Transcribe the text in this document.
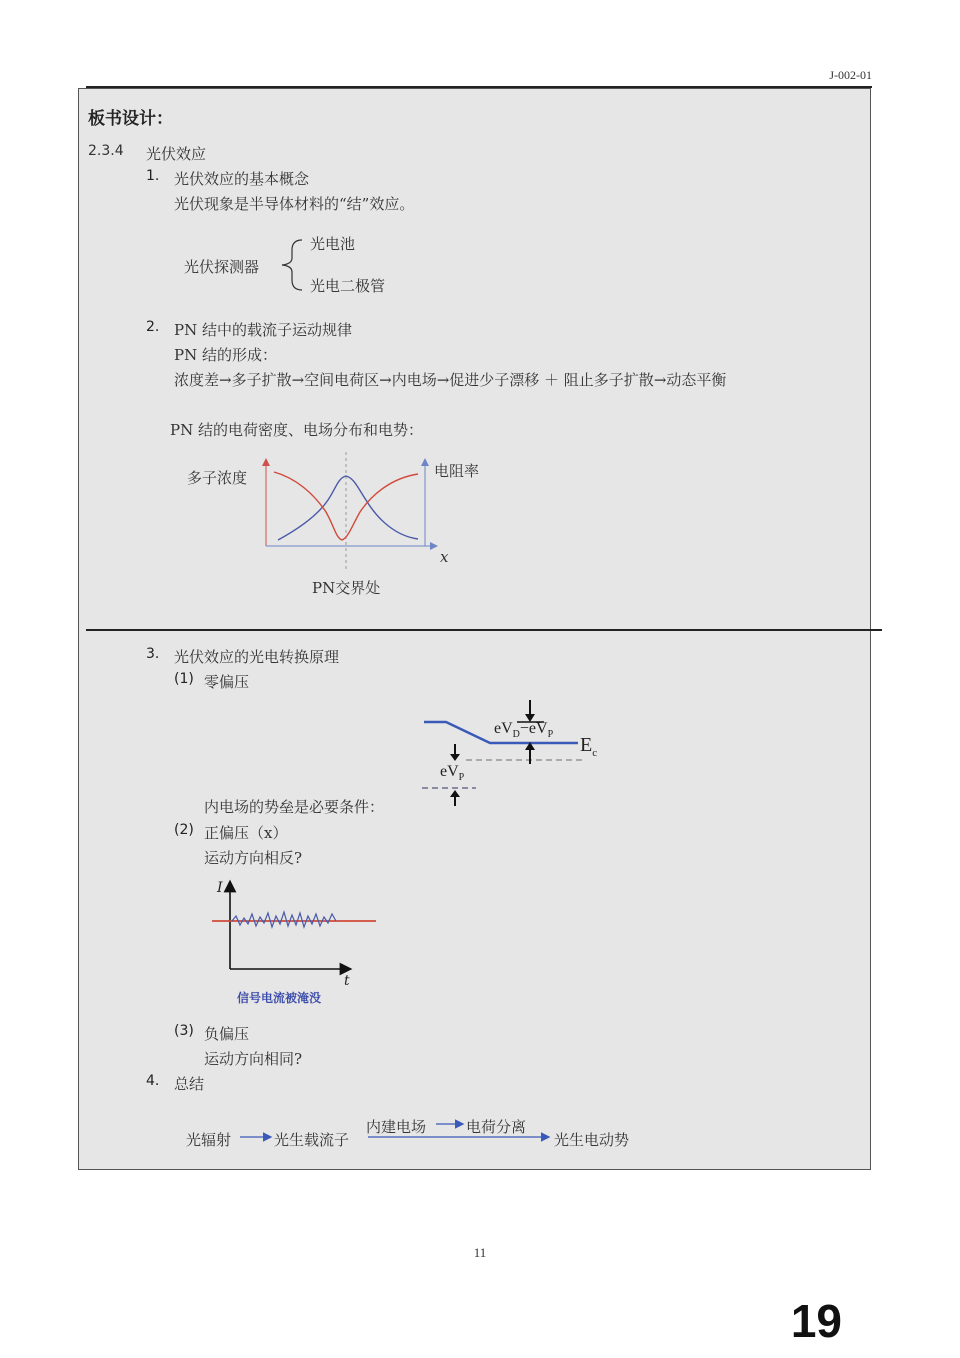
J-002-01
板书设计：
2.3.4 光伏效应
1. 光伏效应的基本概念
光伏现象是半导体材料的“结”效应。
光伏探测器
光电池
光电二极管
2. PN 结中的载流子运动规律
PN 结的形成：
浓度差→多子扩散→空间电荷区→内电场→促进少子漂移 ＋ 阻止多子扩散→动态平衡
PN 结的电荷密度、电场分布和电势：
多子浓度	电阻率
x
PN交界处
3. 光伏效应的光电转换原理
(1) 零偏压
$eV_D-eV_P$ $E_c$
$eV_P$
内电场的势垒是必要条件：
(2) 正偏压（x）
运动方向相反?
I
t
信号电流被淹没
(3) 负偏压
运动方向相同?
4. 总结
光辐射	光生载流子
内建电场	电荷分离
光生电动势
11
19
